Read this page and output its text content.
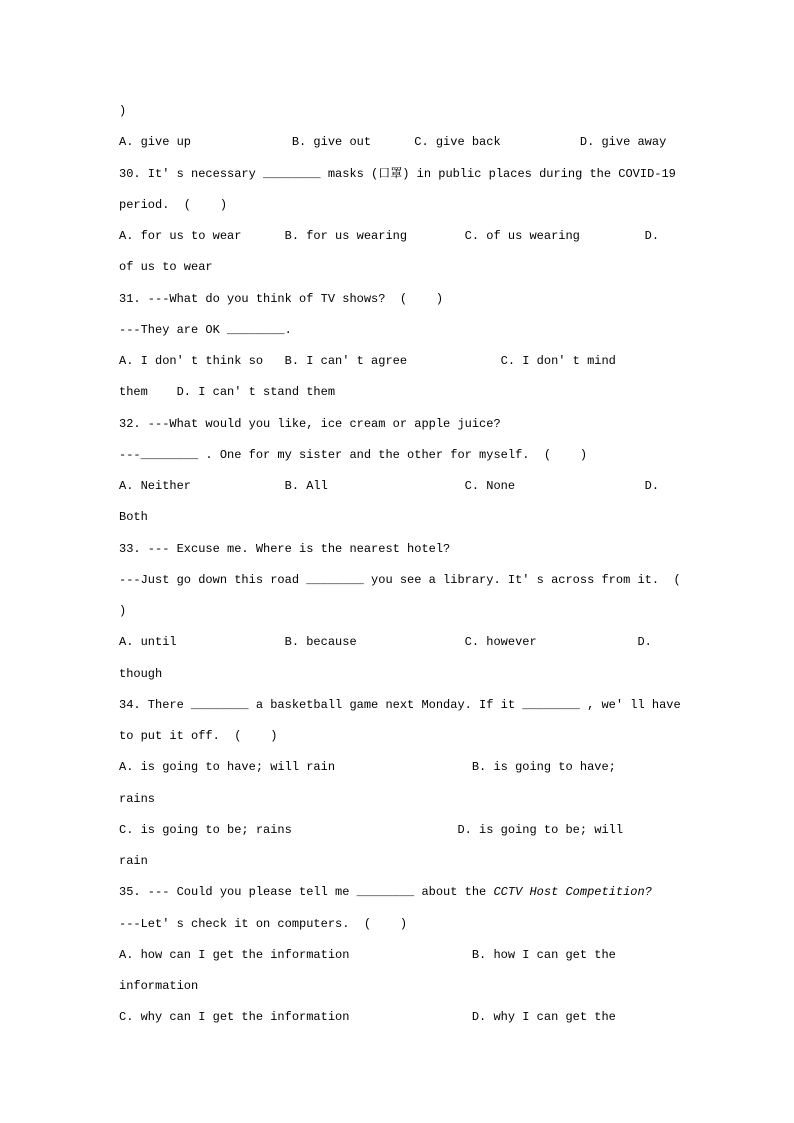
)
A. give up              B. give out      C. give back           D. give away
30. It' s necessary ________ masks (口罩) in public places during the COVID-19
period.  (    )
A. for us to wear      B. for us wearing        C. of us wearing         D.
of us to wear
31. ---What do you think of TV shows?  (    )
---They are OK ________.
A. I don' t think so   B. I can' t agree             C. I don' t mind
them    D. I can' t stand them
32. ---What would you like, ice cream or apple juice?
---________ . One for my sister and the other for myself.  (    )
A. Neither             B. All                   C. None                  D.
Both
33. --- Excuse me. Where is the nearest hotel?
---Just go down this road ________ you see a library. It' s across from it.  (
)
A. until               B. because               C. however              D.
though
34. There ________ a basketball game next Monday. If it ________ , we' ll have
to put it off.  (    )
A. is going to have; will rain                   B. is going to have;
rains
C. is going to be; rains                       D. is going to be; will
rain
35. --- Could you please tell me ________ about the CCTV Host Competition?
---Let' s check it on computers.  (    )
A. how can I get the information                 B. how I can get the
information
C. why can I get the information                 D. why I can get the
